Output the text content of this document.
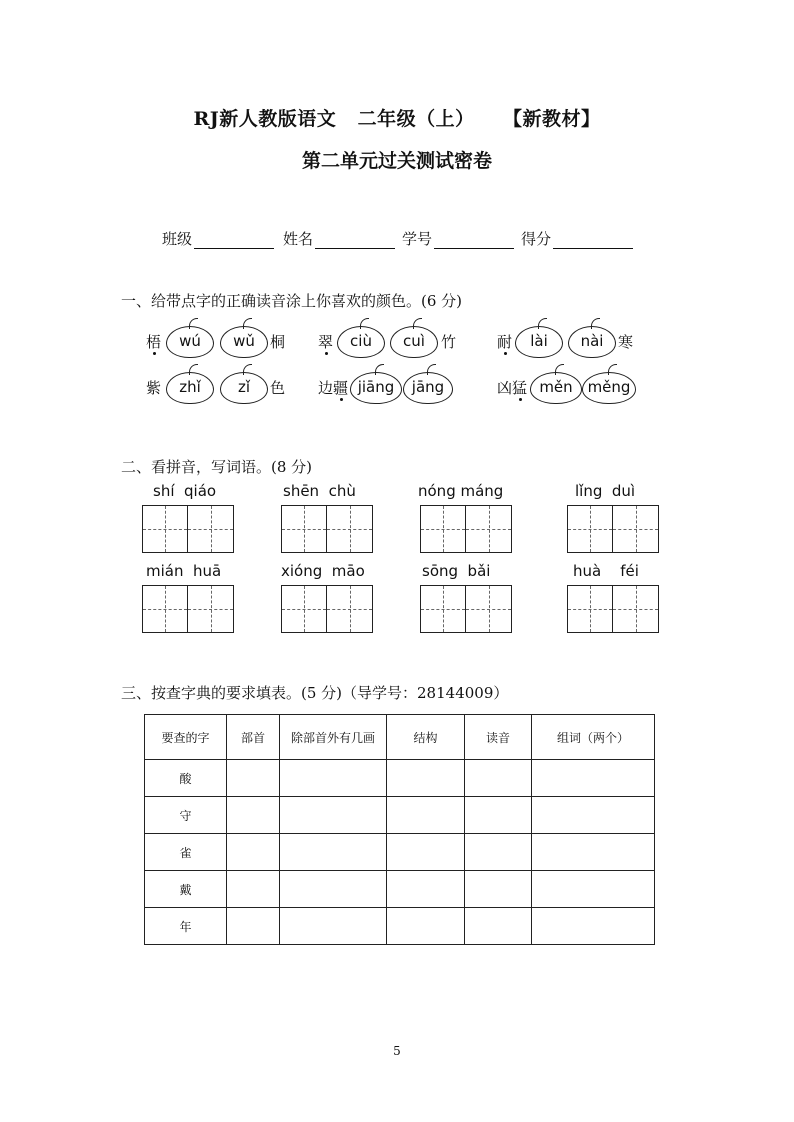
RJ新人教版语文   二年级（上）    【新教材】
第二单元过关测试密卷
班级	姓名	学号	得分
一、给带点字的正确读音涂上你喜欢的颜色。(6 分)
梧	wú	wǔ	桐 翠	ciù	cuì	竹	耐	lài	nài 寒
紫	zhǐ	zǐ	色 边疆 jiāng	jāng	凶猛 měn měng
二、看拼音，写词语。(8 分)
shí  qiáo	shēn  chù	nóng máng	lǐng  duì
mián  huā	xióng  māo	sōng  bǎi	huà    féi
三、按查字典的要求填表。(5 分)（导学号：28144009）
要查的字	部首	除部首外有几画	结构	读音	组词（两个）
酸					
守					
雀					
戴					
年					
5
